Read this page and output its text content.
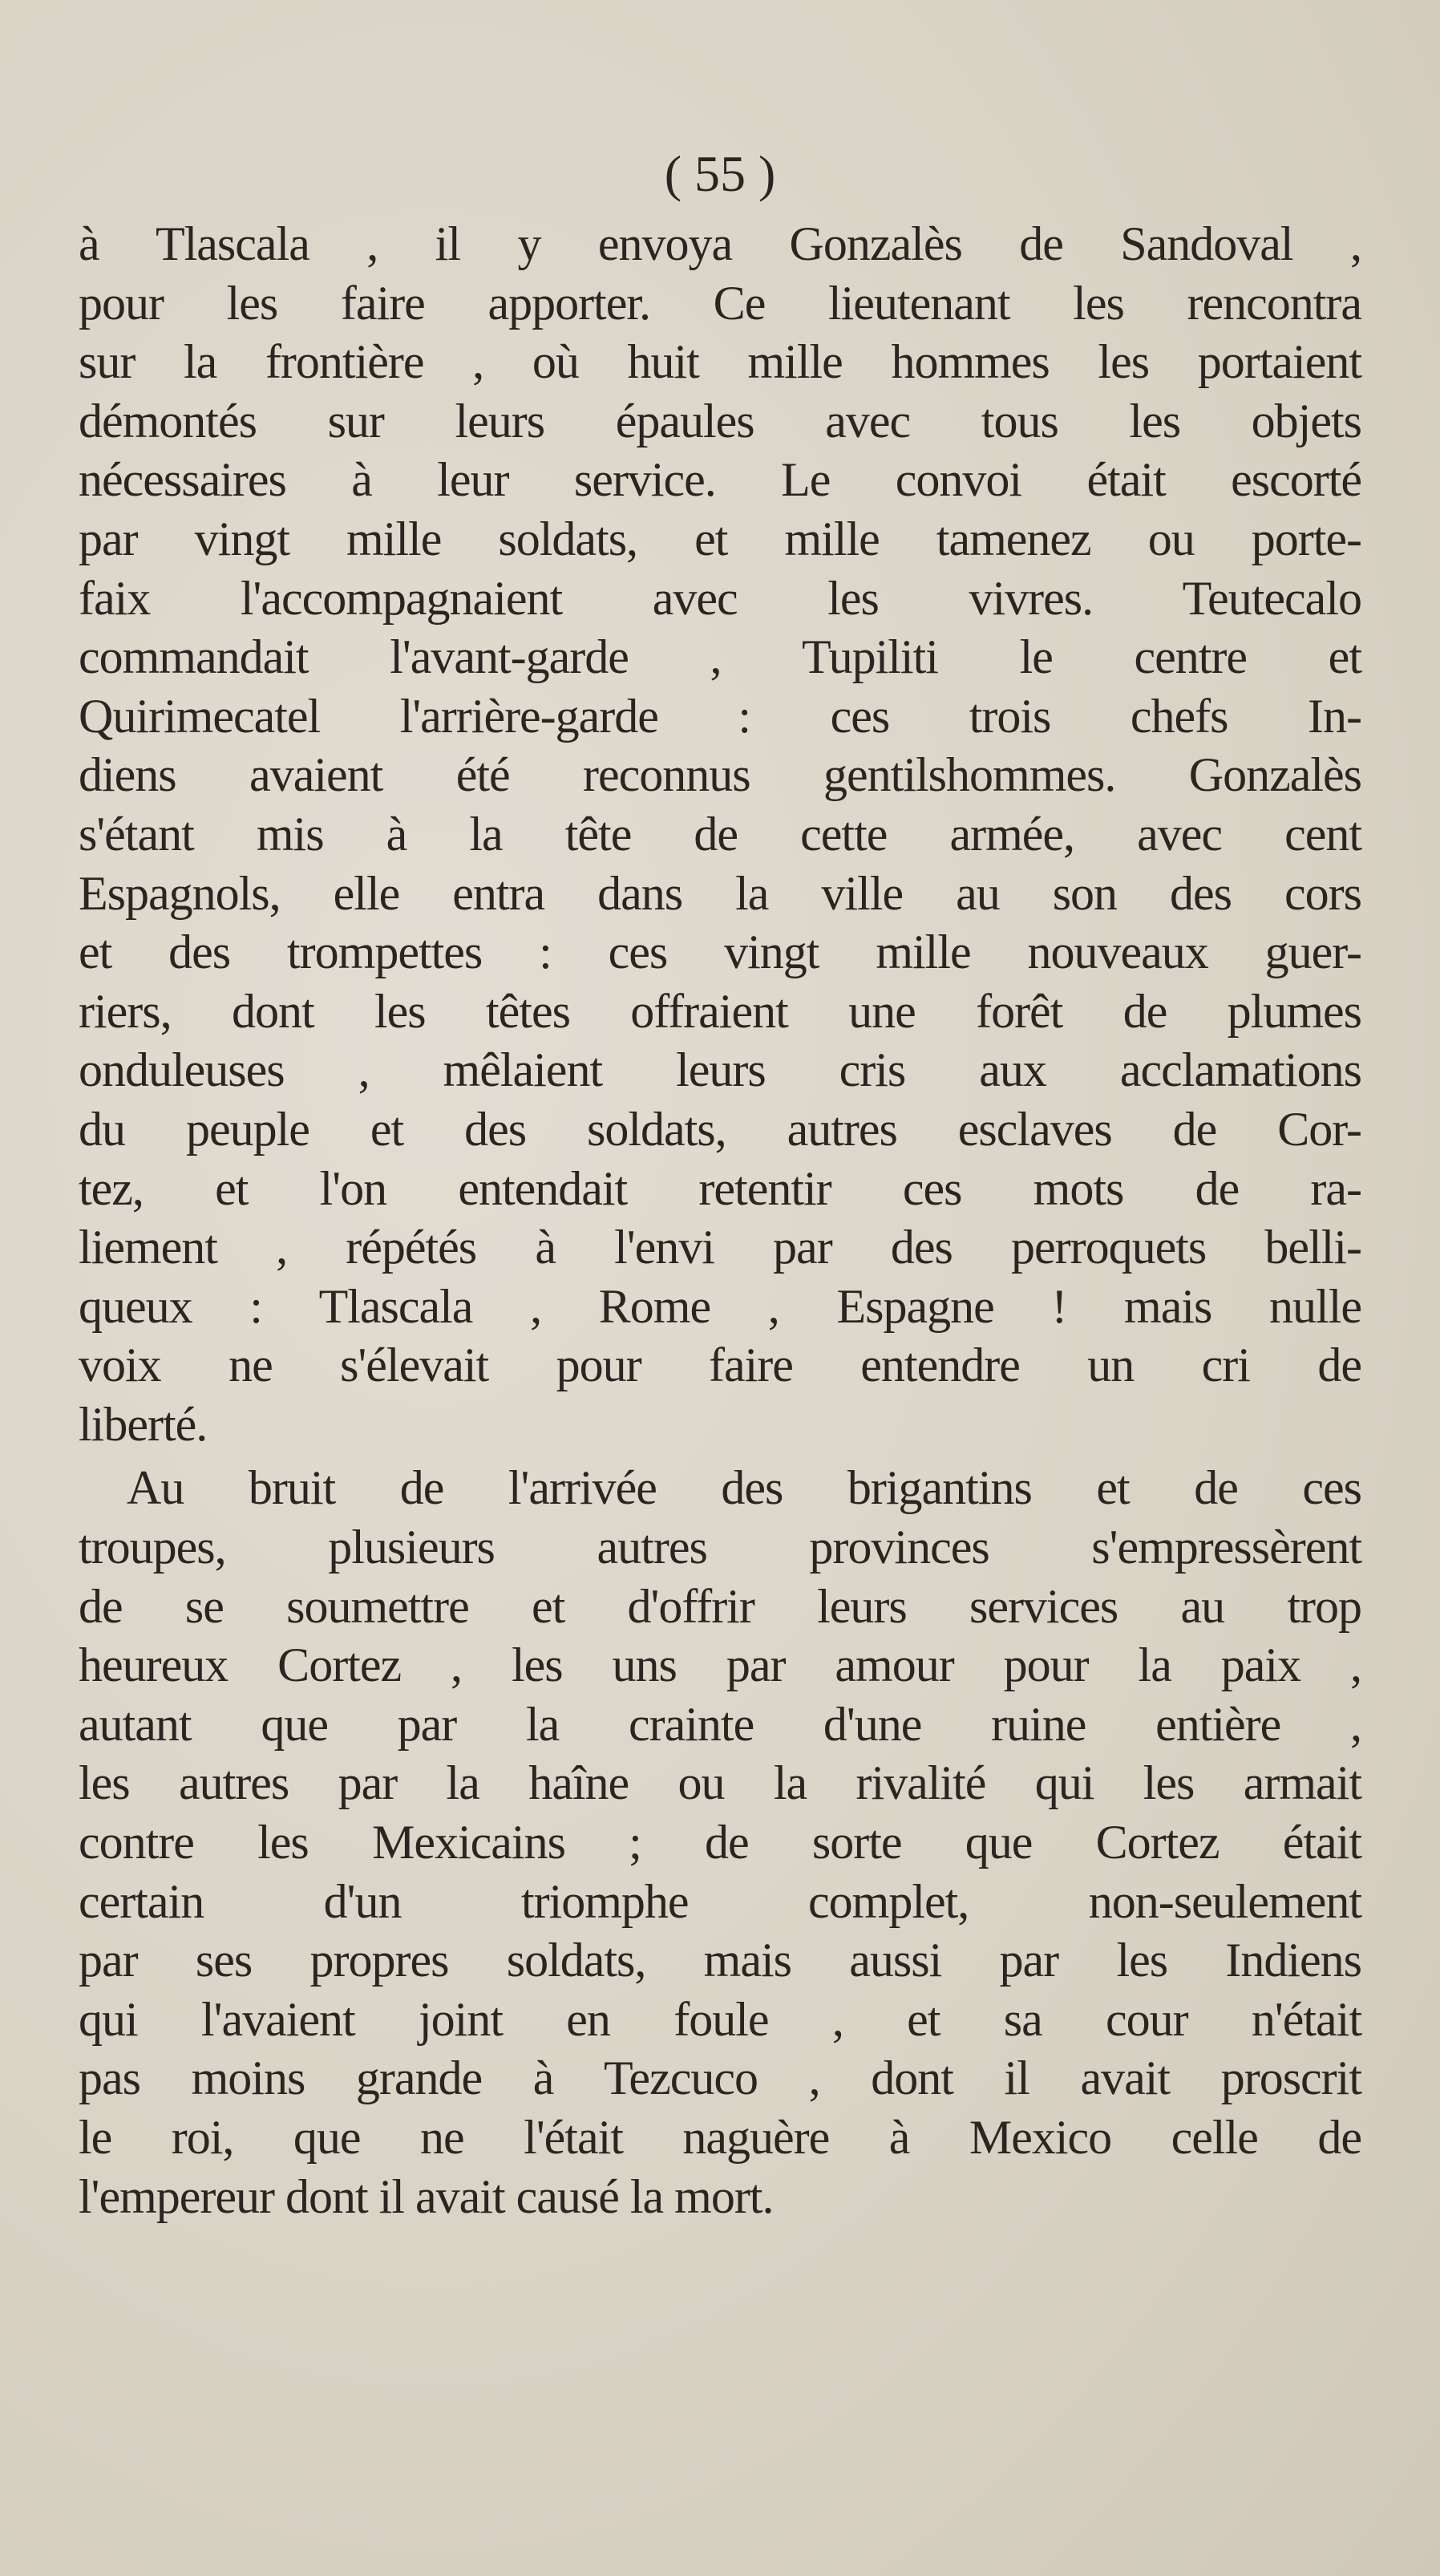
( 55 )
à Tlascala , il y envoya Gonzalès de Sandoval ,
pour les faire apporter. Ce lieutenant les rencontra
sur la frontière , où huit mille hommes les portaient
démontés sur leurs épaules avec tous les objets
nécessaires à leur service. Le convoi était escorté
par vingt mille soldats, et mille tamenez ou porte-
faix l'accompagnaient avec les vivres. Teutecalo
commandait l'avant-garde , Tupiliti le centre et
Quirimecatel l'arrière-garde : ces trois chefs In-
diens avaient été reconnus gentilshommes. Gonzalès
s'étant mis à la tête de cette armée, avec cent
Espagnols, elle entra dans la ville au son des cors
et des trompettes : ces vingt mille nouveaux guer-
riers, dont les têtes offraient une forêt de plumes
onduleuses , mêlaient leurs cris aux acclamations
du peuple et des soldats, autres esclaves de Cor-
tez, et l'on entendait retentir ces mots de ra-
liement , répétés à l'envi par des perroquets belli-
queux : Tlascala , Rome , Espagne ! mais nulle
voix ne s'élevait pour faire entendre un cri de
liberté.
Au bruit de l'arrivée des brigantins et de ces
troupes, plusieurs autres provinces s'empressèrent
de se soumettre et d'offrir leurs services au trop
heureux Cortez , les uns par amour pour la paix ,
autant que par la crainte d'une ruine entière ,
les autres par la haîne ou la rivalité qui les armait
contre les Mexicains ; de sorte que Cortez était
certain d'un triomphe complet, non-seulement
par ses propres soldats, mais aussi par les Indiens
qui l'avaient joint en foule , et sa cour n'était
pas moins grande à Tezcuco , dont il avait proscrit
le roi, que ne l'était naguère à Mexico celle de
l'empereur dont il avait causé la mort.
